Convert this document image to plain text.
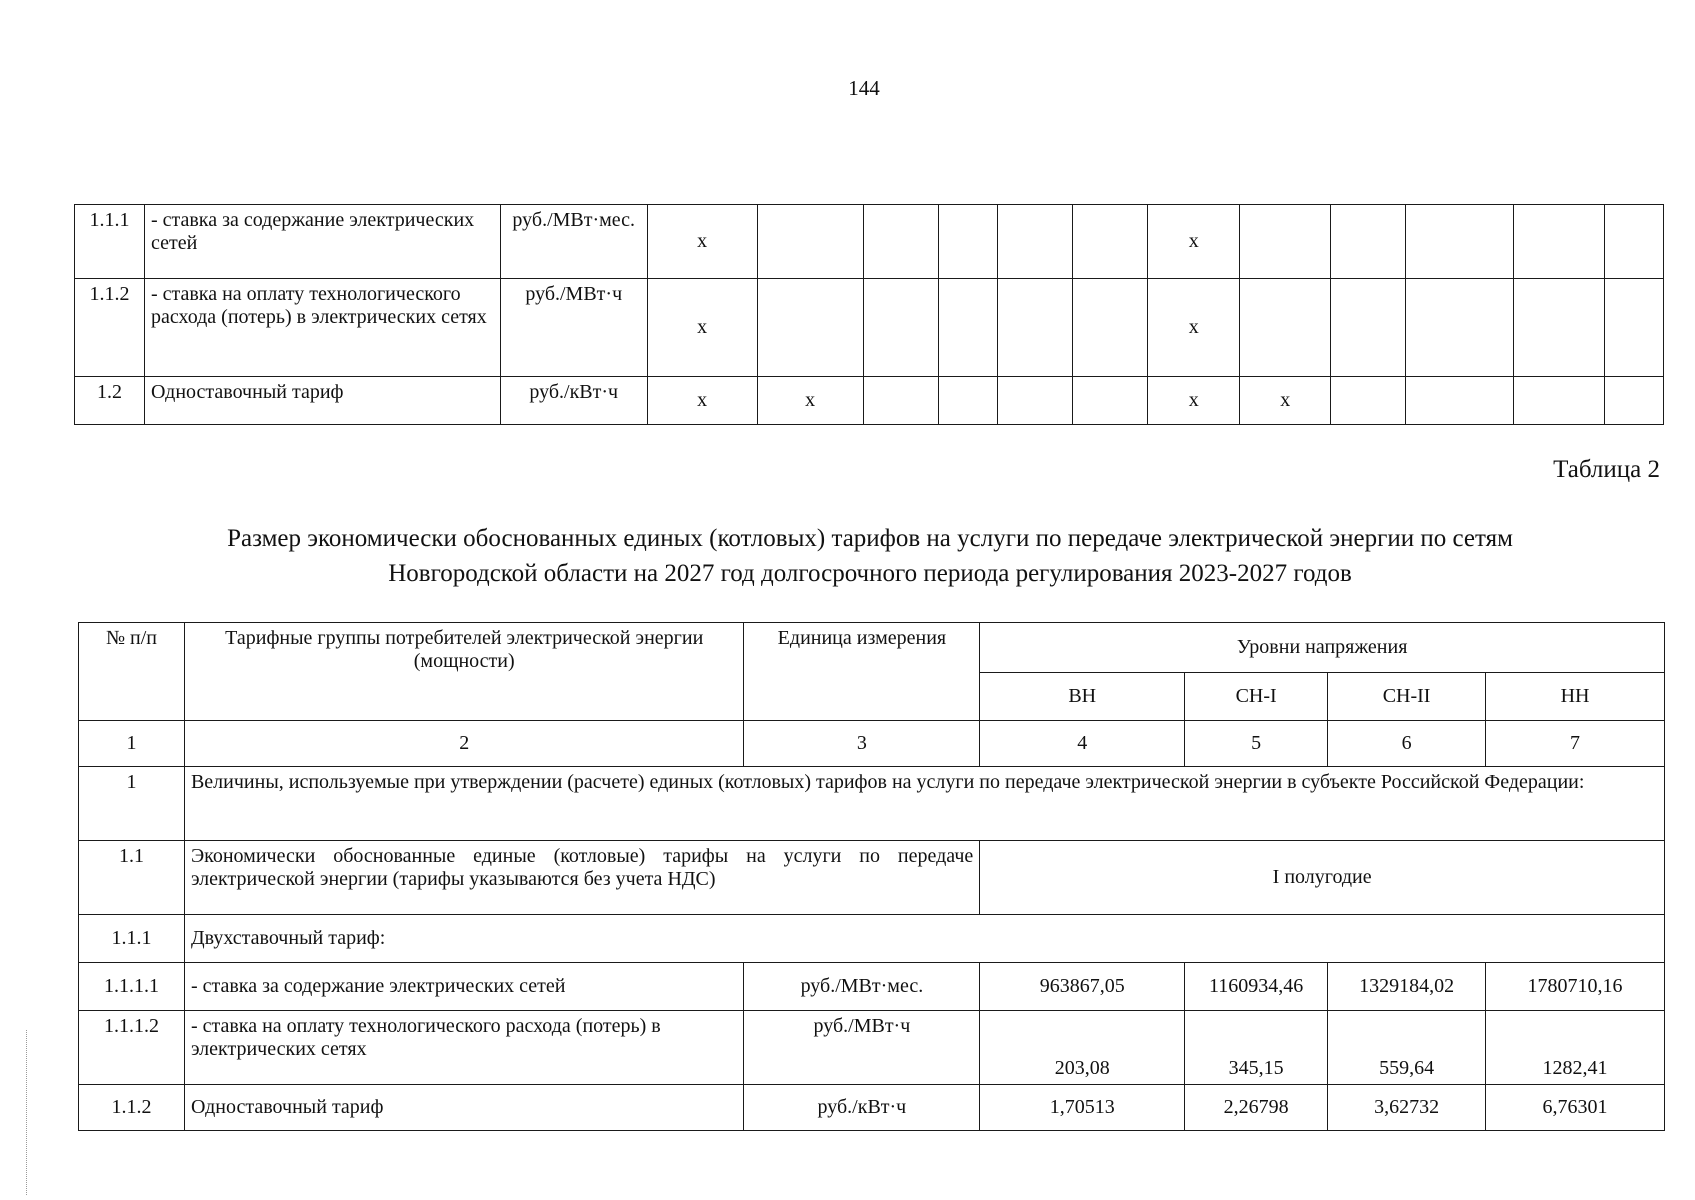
144
1.1.1	- ставка за содержание электрических сетей	руб./МВт·мес.	х						х					
1.1.2	- ставка на оплату технологического расхода (потерь) в электрических сетях	руб./МВт·ч	х						х					
1.2	Одноставочный тариф	руб./кВт·ч	х	х					х	х				
Таблица 2
Размер экономически обоснованных единых (котловых) тарифов на услуги по передаче электрической энергии по сетям
Новгородской области на 2027 год долгосрочного периода регулирования 2023-2027 годов
№ п/п	Тарифные группы потребителей электрической энергии (мощности)	Единица измерения	Уровни напряжения			
			ВН	СН-I	СН-II	НН
1	2	3	4	5	6	7
1	Величины, используемые при утверждении (расчете) единых (котловых) тарифов на услуги по передаче электрической энергии в субъекте Российской Федерации:					
1.1	Экономически обоснованные единые (котловые) тарифы на услуги по передаче электрической энергии (тарифы указываются без учета НДС)		I полугодие			
1.1.1	Двухставочный тариф:					
1.1.1.1	- ставка за содержание электрических сетей	руб./МВт·мес.	963867,05	1160934,46	1329184,02	1780710,16
1.1.1.2	- ставка на оплату технологического расхода (потерь) в электрических сетях	руб./МВт·ч	203,08	345,15	559,64	1282,41
1.1.2	Одноставочный тариф	руб./кВт·ч	1,70513	2,26798	3,62732	6,76301
